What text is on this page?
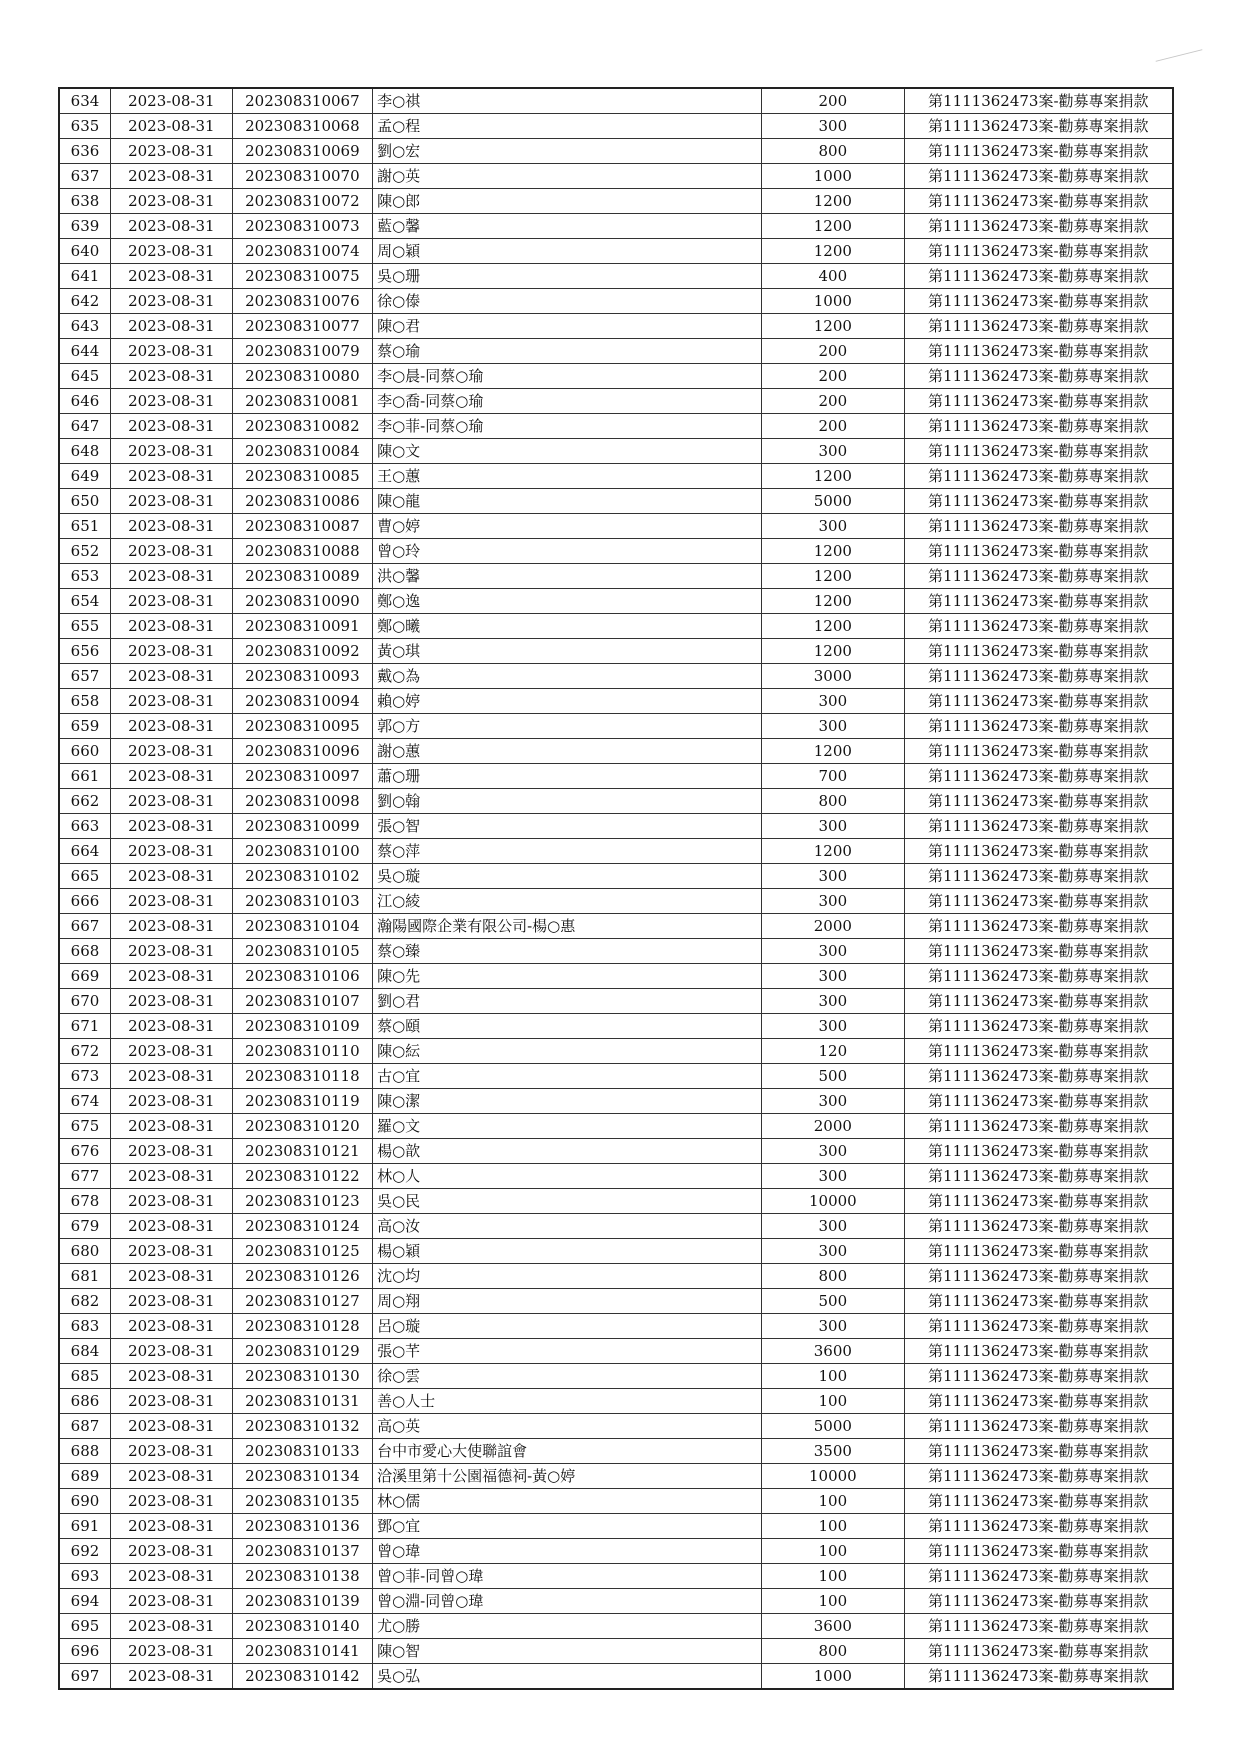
634	2023-08-31	202308310067	李○祺	200	第1111362473案-勸募專案捐款
635	2023-08-31	202308310068	孟○程	300	第1111362473案-勸募專案捐款
636	2023-08-31	202308310069	劉○宏	800	第1111362473案-勸募專案捐款
637	2023-08-31	202308310070	謝○英	1000	第1111362473案-勸募專案捐款
638	2023-08-31	202308310072	陳○郎	1200	第1111362473案-勸募專案捐款
639	2023-08-31	202308310073	藍○馨	1200	第1111362473案-勸募專案捐款
640	2023-08-31	202308310074	周○穎	1200	第1111362473案-勸募專案捐款
641	2023-08-31	202308310075	吳○珊	400	第1111362473案-勸募專案捐款
642	2023-08-31	202308310076	徐○傣	1000	第1111362473案-勸募專案捐款
643	2023-08-31	202308310077	陳○君	1200	第1111362473案-勸募專案捐款
644	2023-08-31	202308310079	蔡○瑜	200	第1111362473案-勸募專案捐款
645	2023-08-31	202308310080	李○晨-同蔡○瑜	200	第1111362473案-勸募專案捐款
646	2023-08-31	202308310081	李○喬-同蔡○瑜	200	第1111362473案-勸募專案捐款
647	2023-08-31	202308310082	李○菲-同蔡○瑜	200	第1111362473案-勸募專案捐款
648	2023-08-31	202308310084	陳○文	300	第1111362473案-勸募專案捐款
649	2023-08-31	202308310085	王○蕙	1200	第1111362473案-勸募專案捐款
650	2023-08-31	202308310086	陳○龍	5000	第1111362473案-勸募專案捐款
651	2023-08-31	202308310087	曹○婷	300	第1111362473案-勸募專案捐款
652	2023-08-31	202308310088	曾○玲	1200	第1111362473案-勸募專案捐款
653	2023-08-31	202308310089	洪○馨	1200	第1111362473案-勸募專案捐款
654	2023-08-31	202308310090	鄭○逸	1200	第1111362473案-勸募專案捐款
655	2023-08-31	202308310091	鄭○曦	1200	第1111362473案-勸募專案捐款
656	2023-08-31	202308310092	黃○琪	1200	第1111362473案-勸募專案捐款
657	2023-08-31	202308310093	戴○為	3000	第1111362473案-勸募專案捐款
658	2023-08-31	202308310094	賴○婷	300	第1111362473案-勸募專案捐款
659	2023-08-31	202308310095	郭○方	300	第1111362473案-勸募專案捐款
660	2023-08-31	202308310096	謝○蕙	1200	第1111362473案-勸募專案捐款
661	2023-08-31	202308310097	蕭○珊	700	第1111362473案-勸募專案捐款
662	2023-08-31	202308310098	劉○翰	800	第1111362473案-勸募專案捐款
663	2023-08-31	202308310099	張○智	300	第1111362473案-勸募專案捐款
664	2023-08-31	202308310100	蔡○萍	1200	第1111362473案-勸募專案捐款
665	2023-08-31	202308310102	吳○璇	300	第1111362473案-勸募專案捐款
666	2023-08-31	202308310103	江○綾	300	第1111362473案-勸募專案捐款
667	2023-08-31	202308310104	瀚陽國際企業有限公司-楊○惠	2000	第1111362473案-勸募專案捐款
668	2023-08-31	202308310105	蔡○臻	300	第1111362473案-勸募專案捐款
669	2023-08-31	202308310106	陳○先	300	第1111362473案-勸募專案捐款
670	2023-08-31	202308310107	劉○君	300	第1111362473案-勸募專案捐款
671	2023-08-31	202308310109	蔡○頤	300	第1111362473案-勸募專案捐款
672	2023-08-31	202308310110	陳○紜	120	第1111362473案-勸募專案捐款
673	2023-08-31	202308310118	古○宜	500	第1111362473案-勸募專案捐款
674	2023-08-31	202308310119	陳○潔	300	第1111362473案-勸募專案捐款
675	2023-08-31	202308310120	羅○文	2000	第1111362473案-勸募專案捐款
676	2023-08-31	202308310121	楊○歆	300	第1111362473案-勸募專案捐款
677	2023-08-31	202308310122	林○人	300	第1111362473案-勸募專案捐款
678	2023-08-31	202308310123	吳○民	10000	第1111362473案-勸募專案捐款
679	2023-08-31	202308310124	高○汝	300	第1111362473案-勸募專案捐款
680	2023-08-31	202308310125	楊○穎	300	第1111362473案-勸募專案捐款
681	2023-08-31	202308310126	沈○均	800	第1111362473案-勸募專案捐款
682	2023-08-31	202308310127	周○翔	500	第1111362473案-勸募專案捐款
683	2023-08-31	202308310128	呂○璇	300	第1111362473案-勸募專案捐款
684	2023-08-31	202308310129	張○芊	3600	第1111362473案-勸募專案捐款
685	2023-08-31	202308310130	徐○雲	100	第1111362473案-勸募專案捐款
686	2023-08-31	202308310131	善○人士	100	第1111362473案-勸募專案捐款
687	2023-08-31	202308310132	高○英	5000	第1111362473案-勸募專案捐款
688	2023-08-31	202308310133	台中市愛心大使聯誼會	3500	第1111362473案-勸募專案捐款
689	2023-08-31	202308310134	洽溪里第十公園福德祠-黃○婷	10000	第1111362473案-勸募專案捐款
690	2023-08-31	202308310135	林○儒	100	第1111362473案-勸募專案捐款
691	2023-08-31	202308310136	鄧○宜	100	第1111362473案-勸募專案捐款
692	2023-08-31	202308310137	曾○瑋	100	第1111362473案-勸募專案捐款
693	2023-08-31	202308310138	曾○菲-同曾○瑋	100	第1111362473案-勸募專案捐款
694	2023-08-31	202308310139	曾○淵-同曾○瑋	100	第1111362473案-勸募專案捐款
695	2023-08-31	202308310140	尤○勝	3600	第1111362473案-勸募專案捐款
696	2023-08-31	202308310141	陳○智	800	第1111362473案-勸募專案捐款
697	2023-08-31	202308310142	吳○弘	1000	第1111362473案-勸募專案捐款
